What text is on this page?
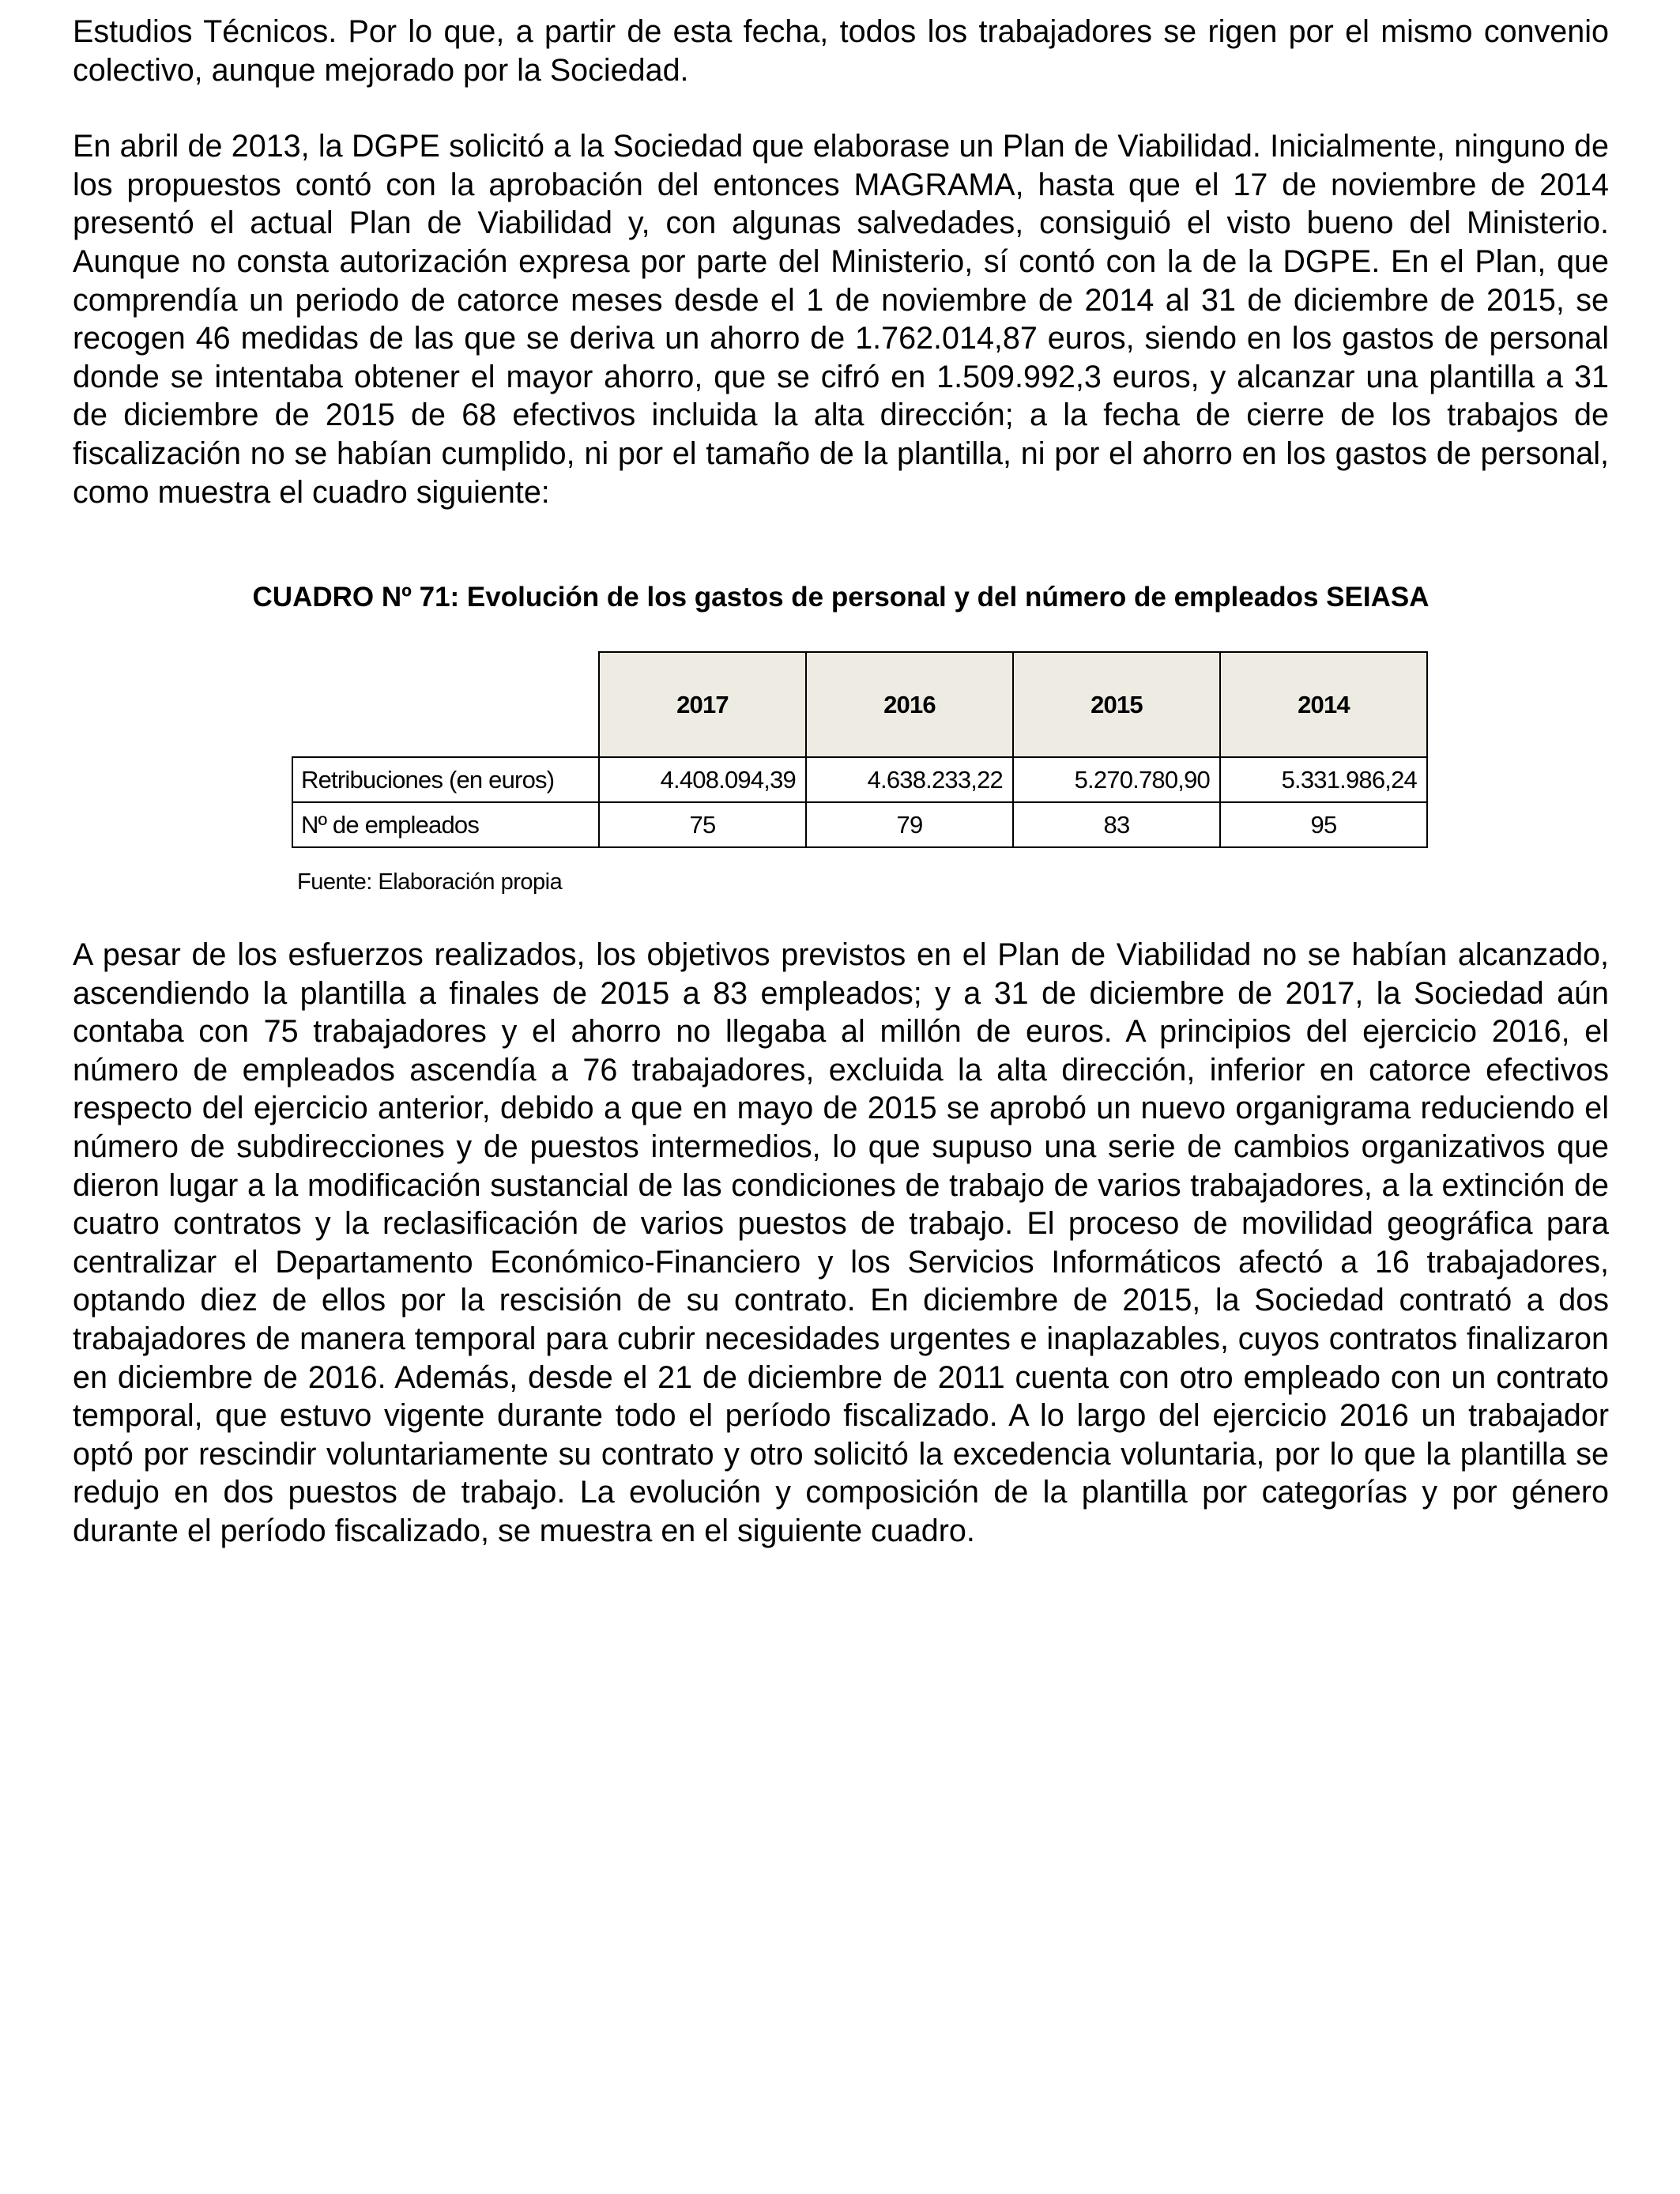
Estudios Técnicos. Por lo que, a partir de esta fecha, todos los trabajadores se rigen por el mismo convenio colectivo, aunque mejorado por la Sociedad.

En abril de 2013, la DGPE solicitó a la Sociedad que elaborase un Plan de Viabilidad. Inicialmente, ninguno de los propuestos contó con la aprobación del entonces MAGRAMA, hasta que el 17 de noviembre de 2014 presentó el actual Plan de Viabilidad y, con algunas salvedades, consiguió el visto bueno del Ministerio. Aunque no consta autorización expresa por parte del Ministerio, sí contó con la de la DGPE. En el Plan, que comprendía un periodo de catorce meses desde el 1 de noviembre de 2014 al 31 de diciembre de 2015, se recogen 46 medidas de las que se deriva un ahorro de 1.762.014,87 euros, siendo en los gastos de personal donde se intentaba obtener el mayor ahorro, que se cifró en 1.509.992,3 euros, y alcanzar una plantilla a 31 de diciembre de 2015 de 68 efectivos incluida la alta dirección; a la fecha de cierre de los trabajos de fiscalización no se habían cumplido, ni por el tamaño de la plantilla, ni por el ahorro en los gastos de personal, como muestra el cuadro siguiente:

CUADRO Nº 71: Evolución de los gastos de personal y del número de empleados SEIASA
	2017	2016	2015	2014
Retribuciones (en euros)	4.408.094,39	4.638.233,22	5.270.780,90	5.331.986,24
Nº de empleados	75	79	83	95
Fuente: Elaboración propia

A pesar de los esfuerzos realizados, los objetivos previstos en el Plan de Viabilidad no se habían alcanzado, ascendiendo la plantilla a finales de 2015 a 83 empleados; y a 31 de diciembre de 2017, la Sociedad aún contaba con 75 trabajadores y el ahorro no llegaba al millón de euros. A principios del ejercicio 2016, el número de empleados ascendía a 76 trabajadores, excluida la alta dirección, inferior en catorce efectivos respecto del ejercicio anterior, debido a que en mayo de 2015 se aprobó un nuevo organigrama reduciendo el número de subdirecciones y de puestos intermedios, lo que supuso una serie de cambios organizativos que dieron lugar a la modificación sustancial de las condiciones de trabajo de varios trabajadores, a la extinción de cuatro contratos y la reclasificación de varios puestos de trabajo. El proceso de movilidad geográfica para centralizar el Departamento Económico-Financiero y los Servicios Informáticos afectó a 16 trabajadores, optando diez de ellos por la rescisión de su contrato. En diciembre de 2015, la Sociedad contrató a dos trabajadores de manera temporal para cubrir necesidades urgentes e inaplazables, cuyos contratos finalizaron en diciembre de 2016. Además, desde el 21 de diciembre de 2011 cuenta con otro empleado con un contrato temporal, que estuvo vigente durante todo el período fiscalizado. A lo largo del ejercicio 2016 un trabajador optó por rescindir voluntariamente su contrato y otro solicitó la excedencia voluntaria, por lo que la plantilla se redujo en dos puestos de trabajo. La evolución y composición de la plantilla por categorías y por género durante el período fiscalizado, se muestra en el siguiente cuadro.
